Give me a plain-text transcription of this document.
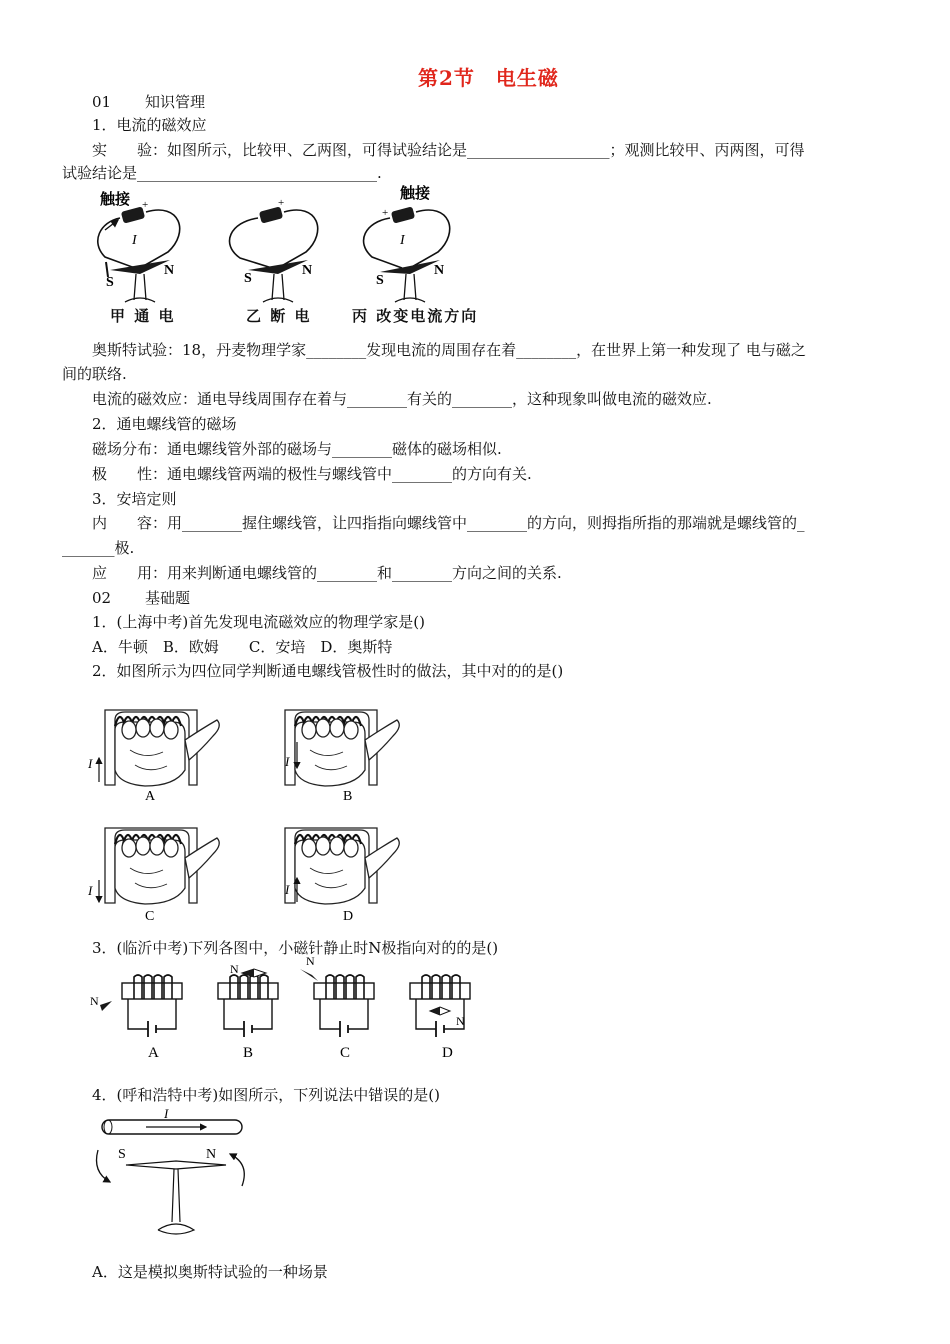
第2节　电生磁
01 知识管理
1．电流的磁效应
实　　验：如图所示，比较甲、乙两图，可得试验结论是___________________；观测比较甲、丙两图，可得
试验结论是________________________________.
触接 +
I
S
N
+
S
N
触接
+
I
S
N
甲 通 电	乙 断 电	丙 改变电流方向
奥斯特试验：18，丹麦物理学家________发现电流的周围存在着________，在世界上第一种发现了 电与磁之
间的联络.
电流的磁效应：通电导线周围存在着与________有关的________，这种现象叫做电流的磁效应.
2．通电螺线管的磁场
磁场分布：通电螺线管外部的磁场与________磁体的磁场相似.
极　　性：通电螺线管两端的极性与螺线管中________的方向有关.
3．安培定则
内　　容：用________握住螺线管，让四指指向螺线管中________的方向，则拇指所指的那端就是螺线管的_
_______极.
应　　用：用来判断通电螺线管的________和________方向之间的关系.
02 基础题
1．(上海中考)首先发现电流磁效应的物理学家是()
A．牛顿　B．欧姆　　C．安培　D．奥斯特
2．如图所示为四位同学判断通电螺线管极性时的做法，其中对的的是()
I
A
I
B
I
C
I
D
3．(临沂中考)下列各图中，小磁针静止时N极指向对的的是()
N
A
N
B
N
C
N
D
4．(呼和浩特中考)如图所示，下列说法中错误的是()
I
S	N
A．这是模拟奥斯特试验的一种场景
